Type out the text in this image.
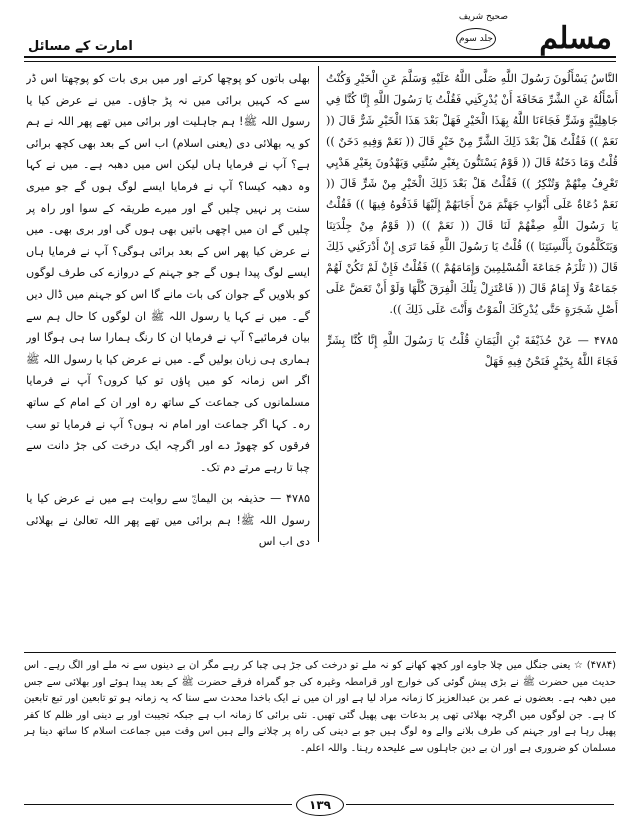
امارت کے مسائل
صحیح شریف
جلد سوم مسلم

النَّاسُ يَسْأَلُونَ رَسُولَ اللَّهِ صَلَّى اللَّهُ عَلَيْهِ وَسَلَّمَ عَنِ الْخَيْرِ وَكُنْتُ أَسْأَلُهُ عَنِ الشَّرِّ مَخَافَةَ أَنْ يُدْرِكَنِي فَقُلْتُ يَا رَسُولَ اللَّهِ إِنَّا كُنَّا فِي جَاهِلِيَّةٍ وَشَرٍّ فَجَاءَنَا اللَّهُ بِهَذَا الْخَيْرِ فَهَلْ بَعْدَ هَذَا الْخَيْرِ شَرٌّ قَالَ (( نَعَمْ )) فَقُلْتُ هَلْ بَعْدَ ذَلِكَ الشَّرِّ مِنْ خَيْرٍ قَالَ (( نَعَمْ وَفِيهِ دَخَنٌ )) قُلْتُ وَمَا دَخَنُهُ قَالَ (( قَوْمٌ يَسْتَنُّونَ بِغَيْرِ سُنَّتِي وَيَهْدُونَ بِغَيْرِ هَدْيِي تَعْرِفُ مِنْهُمْ وَتُنْكِرُ )) فَقُلْتُ هَلْ بَعْدَ ذَلِكَ الْخَيْرِ مِنْ شَرٍّ قَالَ (( نَعَمْ دُعَاةٌ عَلَى أَبْوَابِ جَهَنَّمَ مَنْ أَجَابَهُمْ إِلَيْهَا قَذَفُوهُ فِيهَا )) فَقُلْتُ يَا رَسُولَ اللَّهِ صِفْهُمْ لَنَا قَالَ (( نَعَمْ )) (( قَوْمٌ مِنْ جِلْدَتِنَا وَيَتَكَلَّمُونَ بِأَلْسِنَتِنَا )) قُلْتُ يَا رَسُولَ اللَّهِ فَمَا تَرَى إِنْ أَدْرَكَنِي ذَلِكَ قَالَ (( تَلْزَمُ جَمَاعَةَ الْمُسْلِمِينَ وَإِمَامَهُمْ )) فَقُلْتُ فَإِنْ لَمْ تَكُنْ لَهُمْ جَمَاعَةٌ وَلَا إِمَامٌ قَالَ (( فَاعْتَزِلْ تِلْكَ الْفِرَقَ كُلَّهَا وَلَوْ أَنْ تَعَضَّ عَلَى أَصْلِ شَجَرَةٍ حَتَّى يُدْرِكَكَ الْمَوْتُ وَأَنْتَ عَلَى ذَلِكَ )).

۴۷۸۵ — عَنْ حُذَيْفَةَ بْنِ الْيَمَانِ قُلْتُ يَا رَسُولَ اللَّهِ إِنَّا كُنَّا بِشَرٍّ فَجَاءَ اللَّهُ بِخَيْرٍ فَنَحْنُ فِيهِ فَهَلْ

بھلی باتوں کو پوچھا کرتے اور میں بری بات کو پوچھتا اس ڈر سے کہ کہیں برائی میں نہ پڑ جاؤں۔ میں نے عرض کیا یا رسول اللہ ﷺ! ہم جاہلیت اور برائی میں تھے پھر اللہ نے ہم کو یہ بھلائی دی (یعنی اسلام) اب اس کے بعد بھی کچھ برائی ہے؟ آپ نے فرمایا ہاں لیکن اس میں دھبہ ہے۔ میں نے کہا وہ دھبہ کیسا؟ آپ نے فرمایا ایسے لوگ ہوں گے جو میری سنت پر نہیں چلیں گے اور میرے طریقہ کے سوا اور راہ پر چلیں گے ان میں اچھی باتیں بھی ہوں گی اور بری بھی۔ میں نے عرض کیا پھر اس کے بعد برائی ہوگی؟ آپ نے فرمایا ہاں ایسے لوگ پیدا ہوں گے جو جہنم کے دروازے کی طرف لوگوں کو بلاویں گے جوان کی بات مانے گا اس کو جہنم میں ڈال دیں گے۔ میں نے کہا یا رسول اللہ ﷺ ان لوگوں کا حال ہم سے بیان فرمائیے؟ آپ نے فرمایا ان کا رنگ ہمارا سا ہی ہوگا اور ہماری ہی زبان بولیں گے۔ میں نے عرض کیا یا رسول اللہ ﷺ اگر اس زمانہ کو میں پاؤں تو کیا کروں؟ آپ نے فرمایا مسلمانوں کی جماعت کے ساتھ رہ اور ان کے امام کے ساتھ رہ۔ کہا اگر جماعت اور امام نہ ہوں؟ آپ نے فرمایا تو سب فرقوں کو چھوڑ دے اور اگرچہ ایک درخت کی جڑ دانت سے چبا تا رہے مرتے دم تک۔

۴۷۸۵ — حذیفہ بن الیمانؓ سے روایت ہے میں نے عرض کیا یا رسول اللہ ﷺ! ہم برائی میں تھے پھر اللہ تعالیٰ نے بھلائی دی اب اس

(۴۷۸۴) ☆ یعنی جنگل میں چلا جاوے اور کچھ کھانے کو نہ ملے تو درخت کی جڑ ہی چبا کر رہے مگر ان بے دینوں سے نہ ملے اور الگ رہے۔ اس حدیث میں حضرت ﷺ نے بڑی پیش گوئی کی خوارج اور قرامطہ وغیرہ کی جو گمراہ فرقے حضرت ﷺ کے بعد پیدا ہوئے اور بھلائی سے جس میں دھبہ ہے۔ بعضوں نے عمر بن عبدالعزیز کا زمانہ مراد لیا ہے اور ان میں نے ایک باخدا محدث سے سنا کہ یہ زمانہ ہو تو تابعین اور تبع تابعین کا ہے۔ جن لوگوں میں اگرچہ بھلائی تھی پر بدعات بھی پھیل گئی تھیں۔ نئی برائی کا زمانہ اب ہے جبکہ تجیبت اور بے دینی اور ظلم کا کفر پھیل رہا ہے اور جہنم کی طرف بلانے والے وہ لوگ ہیں جو بے دینی کی راہ پر چلانے والے ہیں اس وقت میں جماعت اسلام کا ساتھ دینا ہر مسلمان کو ضروری ہے اور ان بے دین جاہلوں سے علیحدہ رہنا۔ واللہ اعلم۔
۱۳۹
